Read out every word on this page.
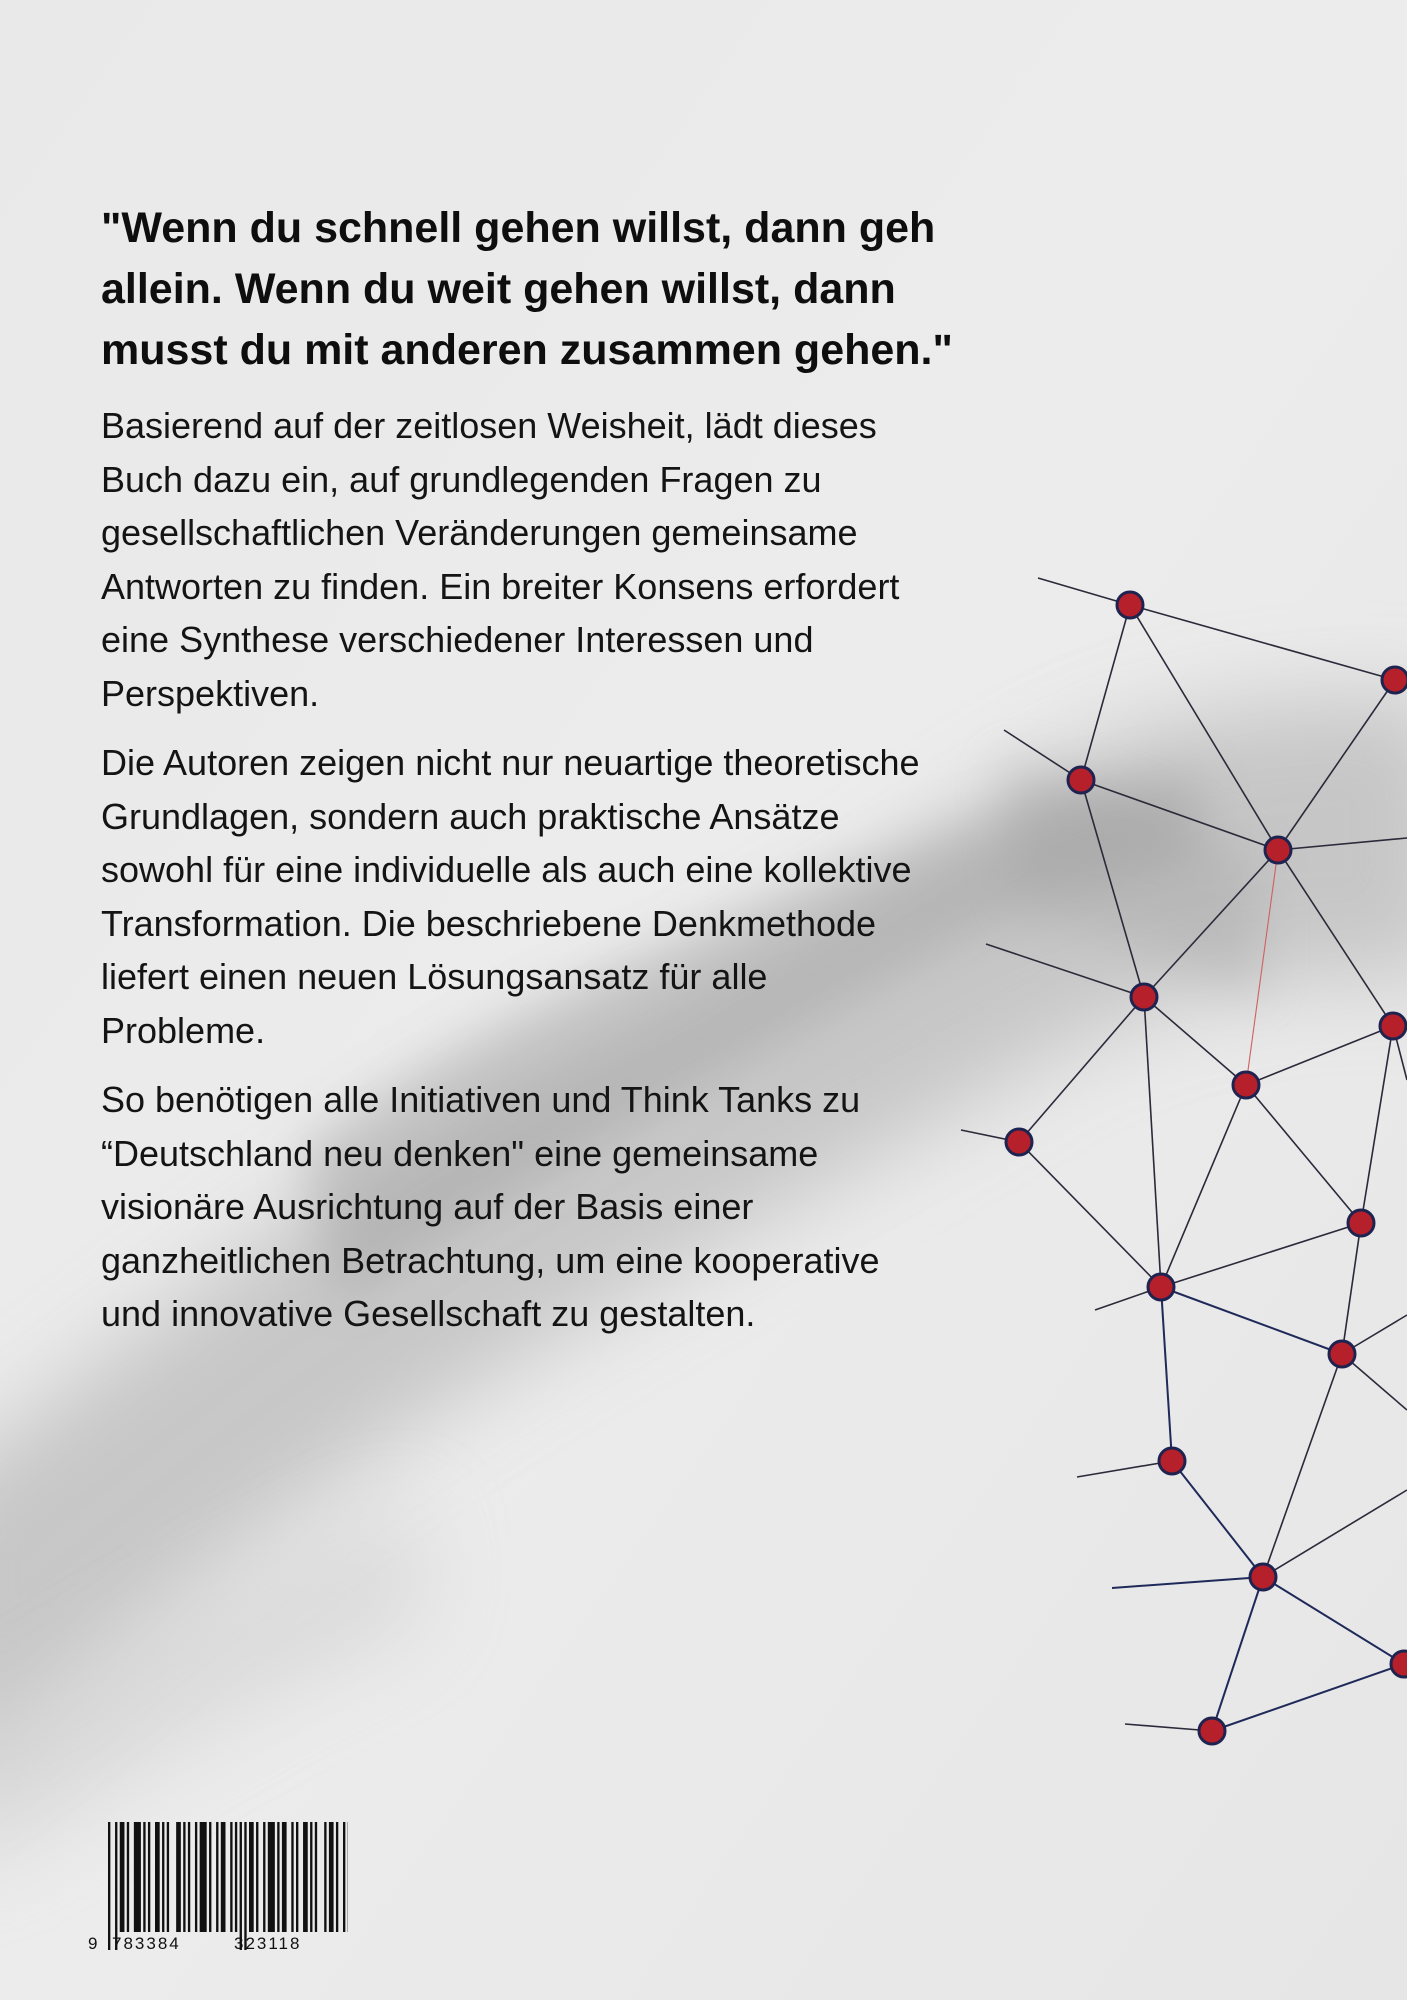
"Wenn du schnell gehen willst, dann geh
allein. Wenn du weit gehen willst, dann
musst du mit anderen zusammen gehen."
Basierend auf der zeitlosen Weisheit, lädt dieses
Buch dazu ein, auf grundlegenden Fragen zu
gesellschaftlichen Veränderungen gemeinsame
Antworten zu finden. Ein breiter Konsens erfordert
eine Synthese verschiedener Interessen und
Perspektiven.
Die Autoren zeigen nicht nur neuartige theoretische
Grundlagen, sondern auch praktische Ansätze
sowohl für eine individuelle als auch eine kollektive
Transformation. Die beschriebene Denkmethode
liefert einen neuen Lösungsansatz für alle
Probleme.
So benötigen alle Initiativen und Think Tanks zu
“Deutschland neu denken" eine gemeinsame
visionäre Ausrichtung auf der Basis einer
ganzheitlichen Betrachtung, um eine kooperative
und innovative Gesellschaft zu gestalten.
9 783384	323118
